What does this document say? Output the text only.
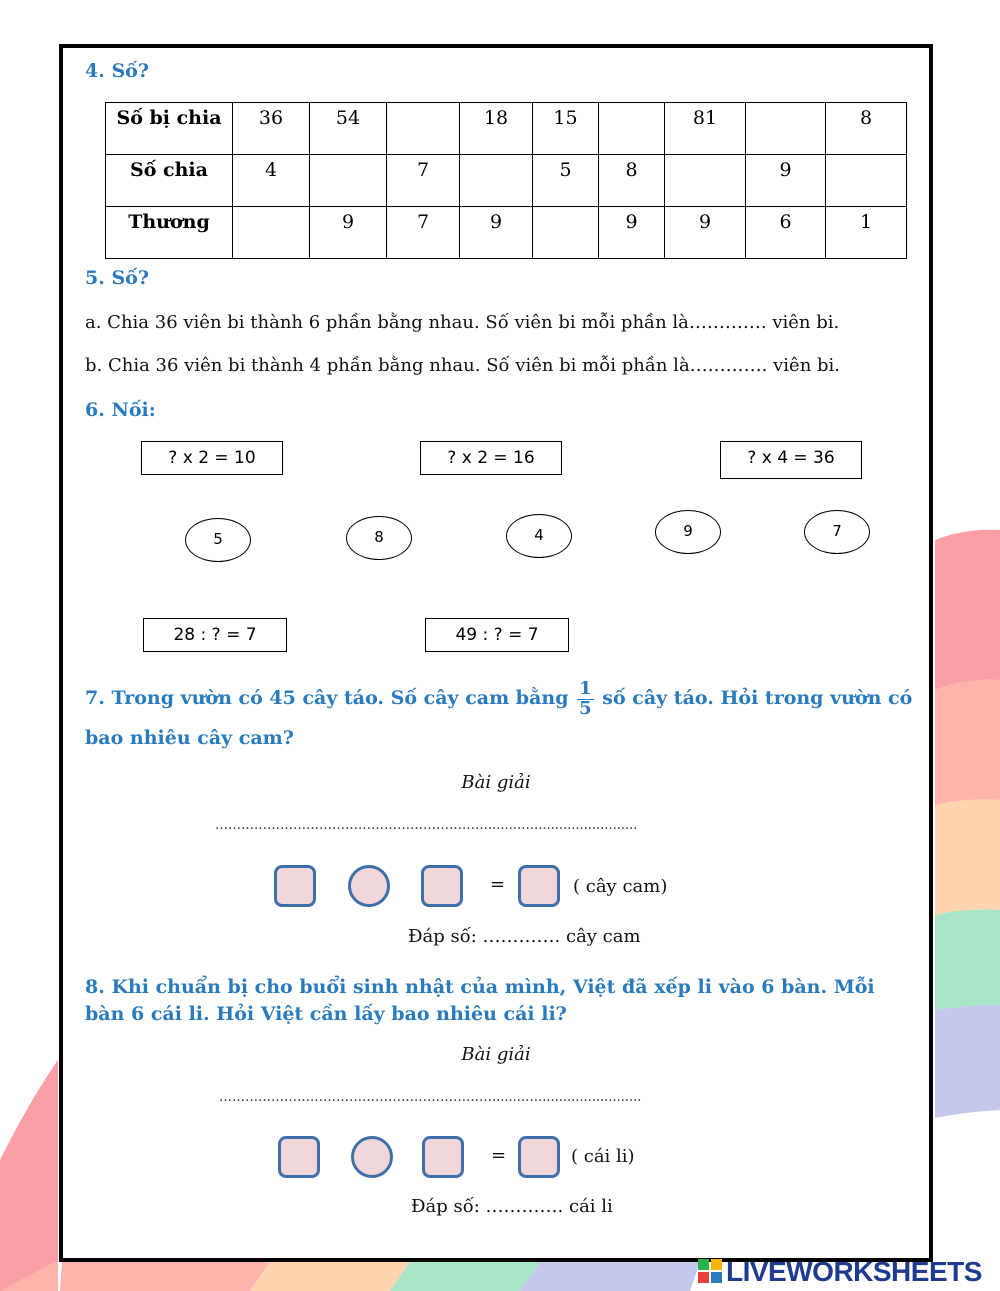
4. Số?
Số bị chia	36	54		18	15		81		8
Số chia	4		7		5	8		9	
Thương		9	7	9		9	9	6	1
5. Số?
a. Chia 36 viên bi thành 6 phần bằng nhau. Số viên bi mỗi phần là…………. viên bi.
b. Chia 36 viên bi thành 4 phần bằng nhau. Số viên bi mỗi phần là…………. viên bi.
6. Nối:
? x 2 = 10	? x 2 = 16	? x 4 = 36
5	8	4	9	7
28 : ? = 7	49 : ? = 7
7. Trong vườn có 45 cây táo. Số cây cam bằng $\frac{1}{5}$ số cây táo. Hỏi trong vườn có bao nhiêu cây cam?
Bài giải
……………………………………………………….......…..........................
=	( cây cam)
Đáp số: …………. cây cam
8. Khi chuẩn bị cho buổi sinh nhật của mình, Việt đã xếp li vào 6 bàn. Mỗi bàn 6 cái li. Hỏi Việt cần lấy bao nhiêu cái li?
Bài giải
……………………………………………………….......…..........................
=	( cái li)
Đáp số: …………. cái li
LIVEWORKSHEETS
